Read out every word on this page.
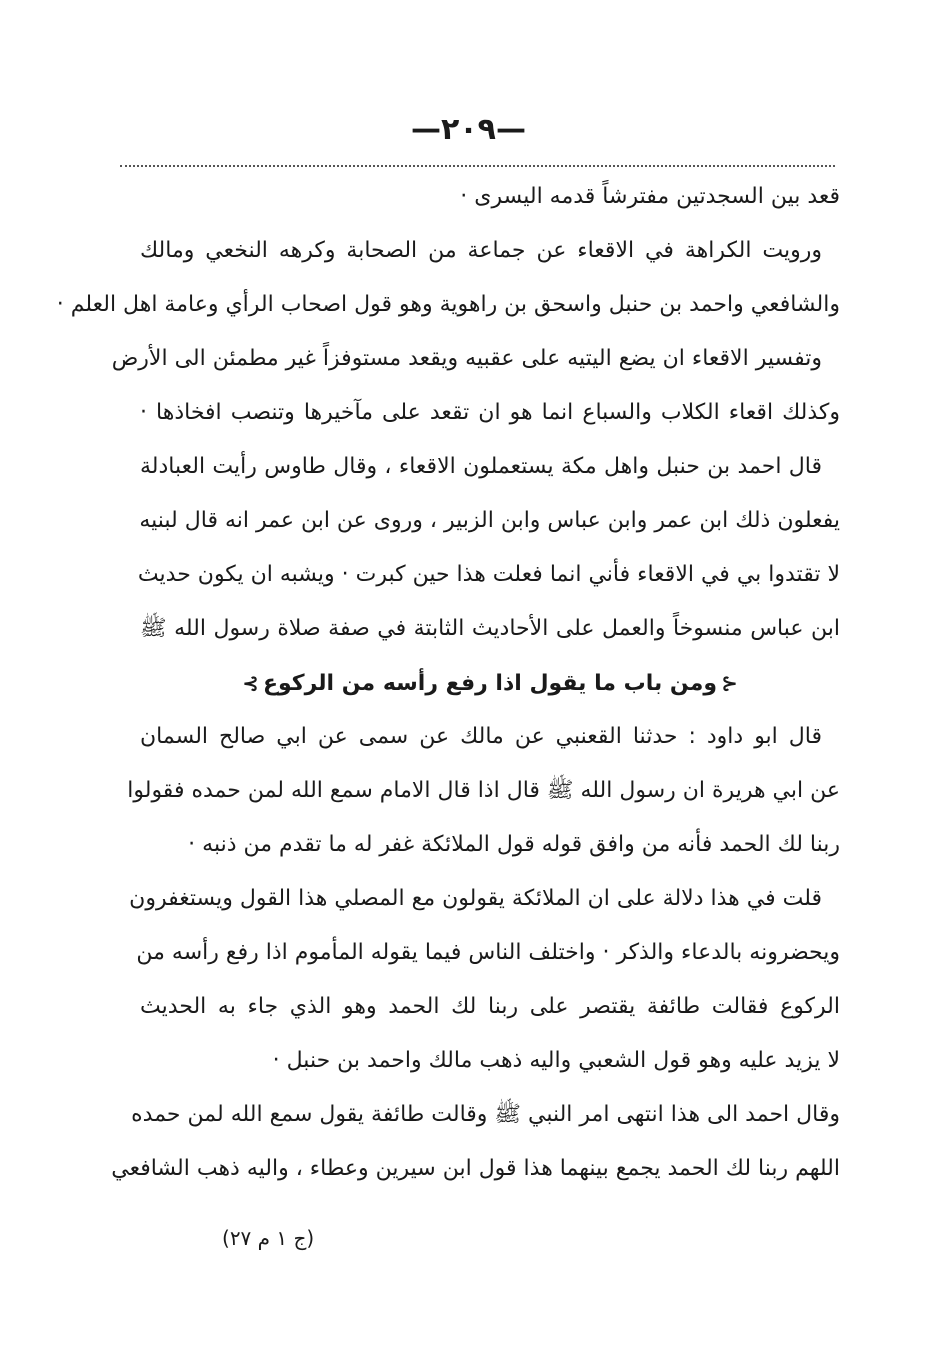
—٢٠٩—
قعد بين السجدتين مفترشاً قدمه اليسرى ·
ورويت الكراهة في الاقعاء عن جماعة من الصحابة وكرهه النخعي ومالك
والشافعي واحمد بن حنبل واسحق بن راهوية وهو قول اصحاب الرأي وعامة اهل العلم ·
وتفسير الاقعاء ان يضع اليتيه على عقبيه ويقعد مستوفزاً غير مطمئن الى الأرض
وكذلك اقعاء الكلاب والسباع انما هو ان تقعد على مآخيرها وتنصب افخاذها ·
قال احمد بن حنبل واهل مكة يستعملون الاقعاء ، وقال طاوس رأيت العبادلة
يفعلون ذلك ابن عمر وابن عباس وابن الزبير ، وروى عن ابن عمر انه قال لبنيه
لا تقتدوا بي في الاقعاء فأني انما فعلت هذا حين كبرت · ويشبه ان يكون حديث
ابن عباس منسوخاً والعمل على الأحاديث الثابتة في صفة صلاة رسول الله ﷺ
⊰ومن باب ما يقول اذا رفع رأسه من الركوع⊱
قال ابو داود : حدثنا القعنبي عن مالك عن سمى عن ابي صالح السمان
عن ابي هريرة ان رسول الله ﷺ قال اذا قال الامام سمع الله لمن حمده فقولوا
ربنا لك الحمد فأنه من وافق قوله قول الملائكة غفر له ما تقدم من ذنبه ·
قلت في هذا دلالة على ان الملائكة يقولون مع المصلي هذا القول ويستغفرون
ويحضرونه بالدعاء والذكر · واختلف الناس فيما يقوله المأموم اذا رفع رأسه من
الركوع فقالت طائفة يقتصر على ربنا لك الحمد وهو الذي جاء به الحديث
لا يزيد عليه وهو قول الشعبي واليه ذهب مالك واحمد بن حنبل ·
وقال احمد الى هذا انتهى امر النبي ﷺ وقالت طائفة يقول سمع الله لمن حمده
اللهم ربنا لك الحمد يجمع بينهما هذا قول ابن سيرين وعطاء ، واليه ذهب الشافعي
(ج ١ م ٢٧)
